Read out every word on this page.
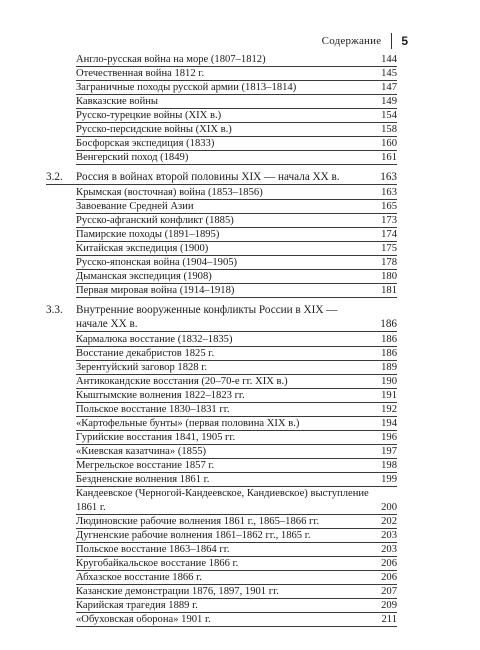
Содержание 5
Англо-русская война на море (1807–1812)	144
Отечественная война 1812 г.	145
Заграничные походы русской армии (1813–1814)	147
Кавказские войны	149
Русско-турецкие войны (XIX в.)	154
Русско-персидские войны (XIX в.)	158
Босфорская экспедиция (1833)	160
Венгерский поход (1849)	161
3.2.	Россия в войнах второй половины XIX — начала XX в.	163
Крымская (восточная) война (1853–1856)	163
Завоевание Средней Азии	165
Русско-афганский конфликт (1885)	173
Памирские походы (1891–1895)	174
Китайская экспедиция (1900)	175
Русско-японская война (1904–1905)	178
Дыманская экспедиция (1908)	180
Первая мировая война (1914–1918)	181
3.3.	Внутренние вооруженные конфликты России в XIX —
начале XX в.	186
Кармалюка восстание (1832–1835)	186
Восстание декабристов 1825 г.	186
Зерентуйский заговор 1828 г.	189
Антикокандские восстания (20–70-е гг. XIX в.)	190
Кыштымские волнения 1822–1823 гг.	191
Польское восстание 1830–1831 гг.	192
«Картофельные бунты» (первая половина XIX в.)	194
Гурийские восстания 1841, 1905 гг.	196
«Киевская казатчина» (1855)	197
Мегрельское восстание 1857 г.	198
Бездненские волнения 1861 г.	199
Кандеевское (Черногой-Кандеевское, Кандиевское) выступление
1861 г.	200
Людиновские рабочие волнения 1861 г., 1865–1866 гг.	202
Дугненские рабочие волнения 1861–1862 гг., 1865 г.	203
Польское восстание 1863–1864 гг.	203
Кругобайкальское восстание 1866 г.	206
Абхазское восстание 1866 г.	206
Казанские демонстрации 1876, 1897, 1901 гг.	207
Карийская трагедия 1889 г.	209
«Обуховская оборона» 1901 г.	211
